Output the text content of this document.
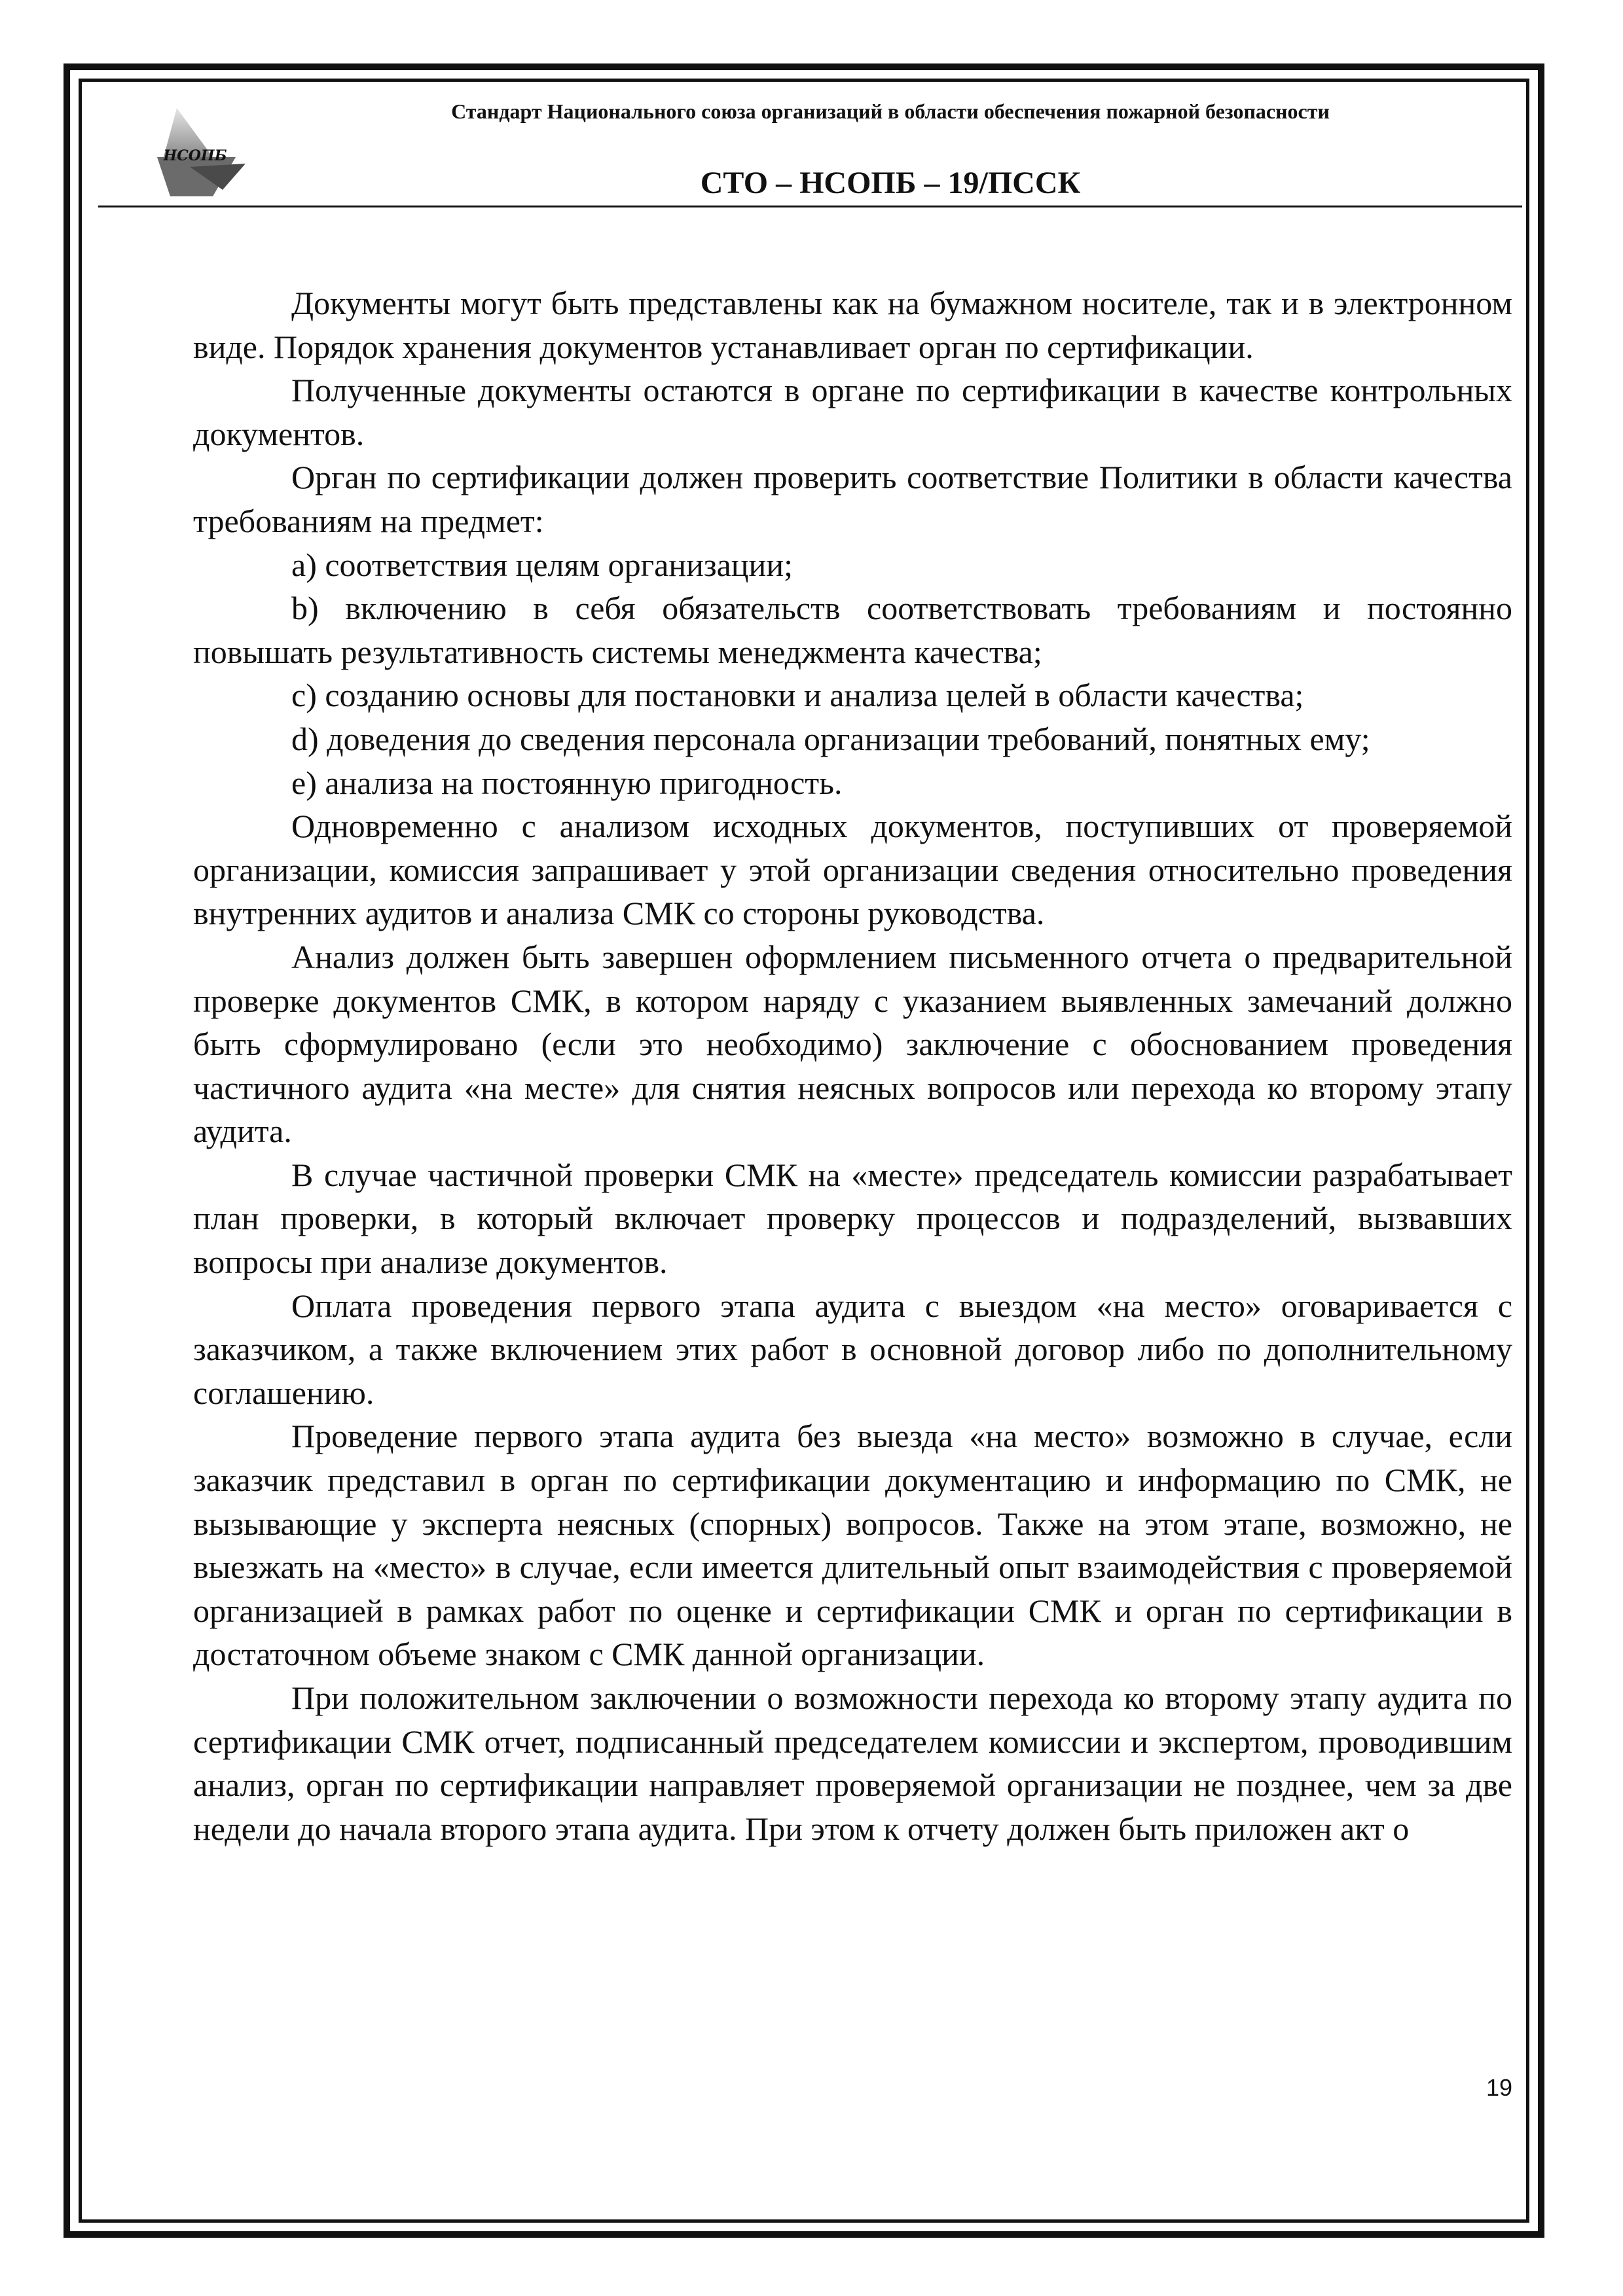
НСОПБ
Стандарт Национального союза организаций в области обеспечения пожарной безопасности
СТО – НСОПБ – 19/ПССК

Документы могут быть представлены как на бумажном носителе, так и в электронном виде. Порядок хранения документов устанавливает орган по сертификации.

Полученные документы остаются в органе по сертификации в качестве контрольных документов.

Орган по сертификации должен проверить соответствие Политики в области качества требованиям на предмет:

а) соответствия целям организации;

b) включению в себя обязательств соответствовать требованиям и постоянно повышать результативность системы менеджмента качества;

c) созданию основы для постановки и анализа целей в области качества;

d) доведения до сведения персонала организации требований, понятных ему;

e) анализа на постоянную пригодность.

Одновременно с анализом исходных документов, поступивших от проверяемой организации, комиссия запрашивает у этой организации сведения относительно проведения внутренних аудитов и анализа СМК со стороны руководства.

Анализ должен быть завершен оформлением письменного отчета о предварительной проверке документов СМК, в котором наряду с указанием выявленных замечаний должно быть сформулировано (если это необходимо) заключение с обоснованием проведения частичного аудита «на месте» для снятия неясных вопросов или перехода ко второму этапу аудита.

В случае частичной проверки СМК на «месте» председатель комиссии разрабатывает план проверки, в который включает проверку процессов и подразделений, вызвавших вопросы при анализе документов.

Оплата проведения первого этапа аудита с выездом «на место» оговаривается с заказчиком, а также включением этих работ в основной договор либо по дополнительному соглашению.

Проведение первого этапа аудита без выезда «на место» возможно в случае, если заказчик представил в орган по сертификации документацию и информацию по СМК, не вызывающие у эксперта неясных (спорных) вопросов. Также на этом этапе, возможно, не выезжать на «место» в случае, если имеется длительный опыт взаимодействия с проверяемой организацией в рамках работ по оценке и сертификации СМК и орган по сертификации в достаточном объеме знаком с СМК данной организации.

При положительном заключении о возможности перехода ко второму этапу аудита по сертификации СМК отчет, подписанный председателем комиссии и экспертом, проводившим анализ, орган по сертификации направляет проверяемой организации не позднее, чем за две недели до начала второго этапа аудита. При этом к отчету должен быть приложен акт о

19
